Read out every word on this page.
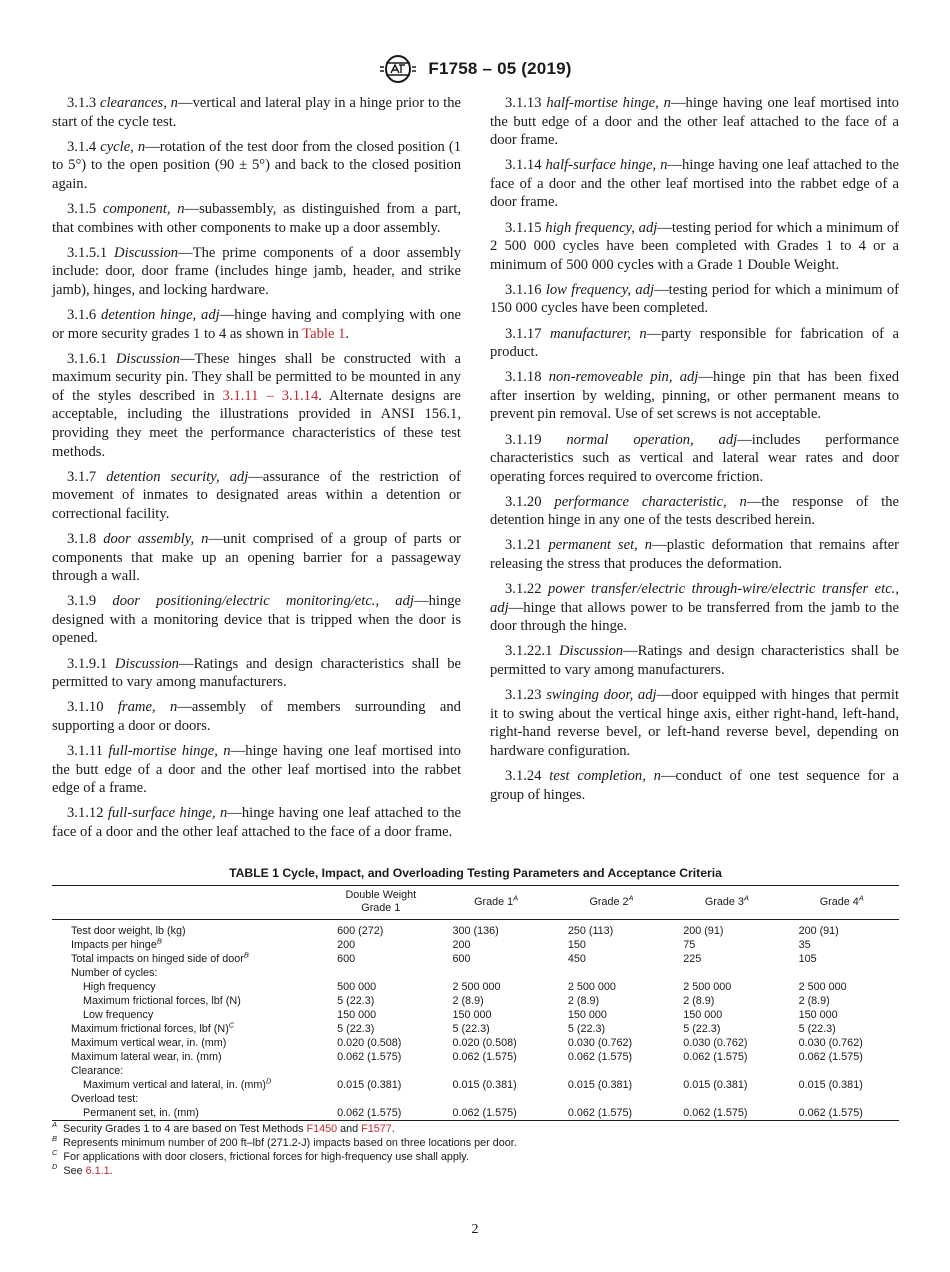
F1758 – 05 (2019)

3.1.3 clearances, n—vertical and lateral play in a hinge prior to the start of the cycle test.

3.1.4 cycle, n—rotation of the test door from the closed position (1 to 5°) to the open position (90 ± 5°) and back to the closed position again.

3.1.5 component, n—subassembly, as distinguished from a part, that combines with other components to make up a door assembly.

3.1.5.1 Discussion—The prime components of a door assembly include: door, door frame (includes hinge jamb, header, and strike jamb), hinges, and locking hardware.

3.1.6 detention hinge, adj—hinge having and complying with one or more security grades 1 to 4 as shown in Table 1.

3.1.6.1 Discussion—These hinges shall be constructed with a maximum security pin. They shall be permitted to be mounted in any of the styles described in 3.1.11 – 3.1.14. Alternate designs are acceptable, including the illustrations provided in ANSI 156.1, providing they meet the performance characteristics of these test methods.

3.1.7 detention security, adj—assurance of the restriction of movement of inmates to designated areas within a detention or correctional facility.

3.1.8 door assembly, n—unit comprised of a group of parts or components that make up an opening barrier for a passageway through a wall.

3.1.9 door positioning/electric monitoring/etc., adj—hinge designed with a monitoring device that is tripped when the door is opened.

3.1.9.1 Discussion—Ratings and design characteristics shall be permitted to vary among manufacturers.

3.1.10 frame, n—assembly of members surrounding and supporting a door or doors.

3.1.11 full-mortise hinge, n—hinge having one leaf mortised into the butt edge of a door and the other leaf mortised into the rabbet edge of a frame.

3.1.12 full-surface hinge, n—hinge having one leaf attached to the face of a door and the other leaf attached to the face of a door frame.

3.1.13 half-mortise hinge, n—hinge having one leaf mortised into the butt edge of a door and the other leaf attached to the face of a door frame.

3.1.14 half-surface hinge, n—hinge having one leaf attached to the face of a door and the other leaf mortised into the rabbet edge of a door frame.

3.1.15 high frequency, adj—testing period for which a minimum of 2 500 000 cycles have been completed with Grades 1 to 4 or a minimum of 500 000 cycles with a Grade 1 Double Weight.

3.1.16 low frequency, adj—testing period for which a minimum of 150 000 cycles have been completed.

3.1.17 manufacturer, n—party responsible for fabrication of a product.

3.1.18 non-removeable pin, adj—hinge pin that has been fixed after insertion by welding, pinning, or other permanent means to prevent pin removal. Use of set screws is not acceptable.

3.1.19 normal operation, adj—includes performance characteristics such as vertical and lateral wear rates and door operating forces required to overcome friction.

3.1.20 performance characteristic, n—the response of the detention hinge in any one of the tests described herein.

3.1.21 permanent set, n—plastic deformation that remains after releasing the stress that produces the deformation.

3.1.22 power transfer/electric through-wire/electric transfer etc., adj—hinge that allows power to be transferred from the jamb to the door through the hinge.

3.1.22.1 Discussion—Ratings and design characteristics shall be permitted to vary among manufacturers.

3.1.23 swinging door, adj—door equipped with hinges that permit it to swing about the vertical hinge axis, either right-hand, left-hand, right-hand reverse bevel, or left-hand reverse bevel, depending on hardware configuration.

3.1.24 test completion, n—conduct of one test sequence for a group of hinges.

TABLE 1 Cycle, Impact, and Overloading Testing Parameters and Acceptance Criteria
	Double Weight
Grade 1	Grade $1^A$	Grade $2^A$	Grade $3^A$	Grade $4^A$
Test door weight, lb (kg)	600 (272)	300 (136)	250 (113)	200 (91)	200 (91)
Impacts per hinge$^B$	200	200	150	75	35
Total impacts on hinged side of door$^B$	600	600	450	225	105
Number of cycles:					
High frequency	500 000	2 500 000	2 500 000	2 500 000	2 500 000
Maximum frictional forces, lbf (N)	5 (22.3)	2 (8.9)	2 (8.9)	2 (8.9)	2 (8.9)
Low frequency	150 000	150 000	150 000	150 000	150 000
Maximum frictional forces, lbf $(N)^C$	5 (22.3)	5 (22.3)	5 (22.3)	5 (22.3)	5 (22.3)
Maximum vertical wear, in. (mm)	0.020 (0.508)	0.020 (0.508)	0.030 (0.762)	0.030 (0.762)	0.030 (0.762)
Maximum lateral wear, in. (mm)	0.062 (1.575)	0.062 (1.575)	0.062 (1.575)	0.062 (1.575)	0.062 (1.575)
Clearance:					
Maximum vertical and lateral, in. (mm)$^D$	0.015 (0.381)	0.015 (0.381)	0.015 (0.381)	0.015 (0.381)	0.015 (0.381)
Overload test:					
Permanent set, in. (mm)	0.062 (1.575)	0.062 (1.575)	0.062 (1.575)	0.062 (1.575)	0.062 (1.575)
$^A$ Security Grades 1 to 4 are based on Test Methods F1450 and F1577.
$^B$ Represents minimum number of 200 ft–lbf (271.2-J) impacts based on three locations per door.
$^C$ For applications with door closers, frictional forces for high-frequency use shall apply.
$^D$ See 6.1.1.
2
